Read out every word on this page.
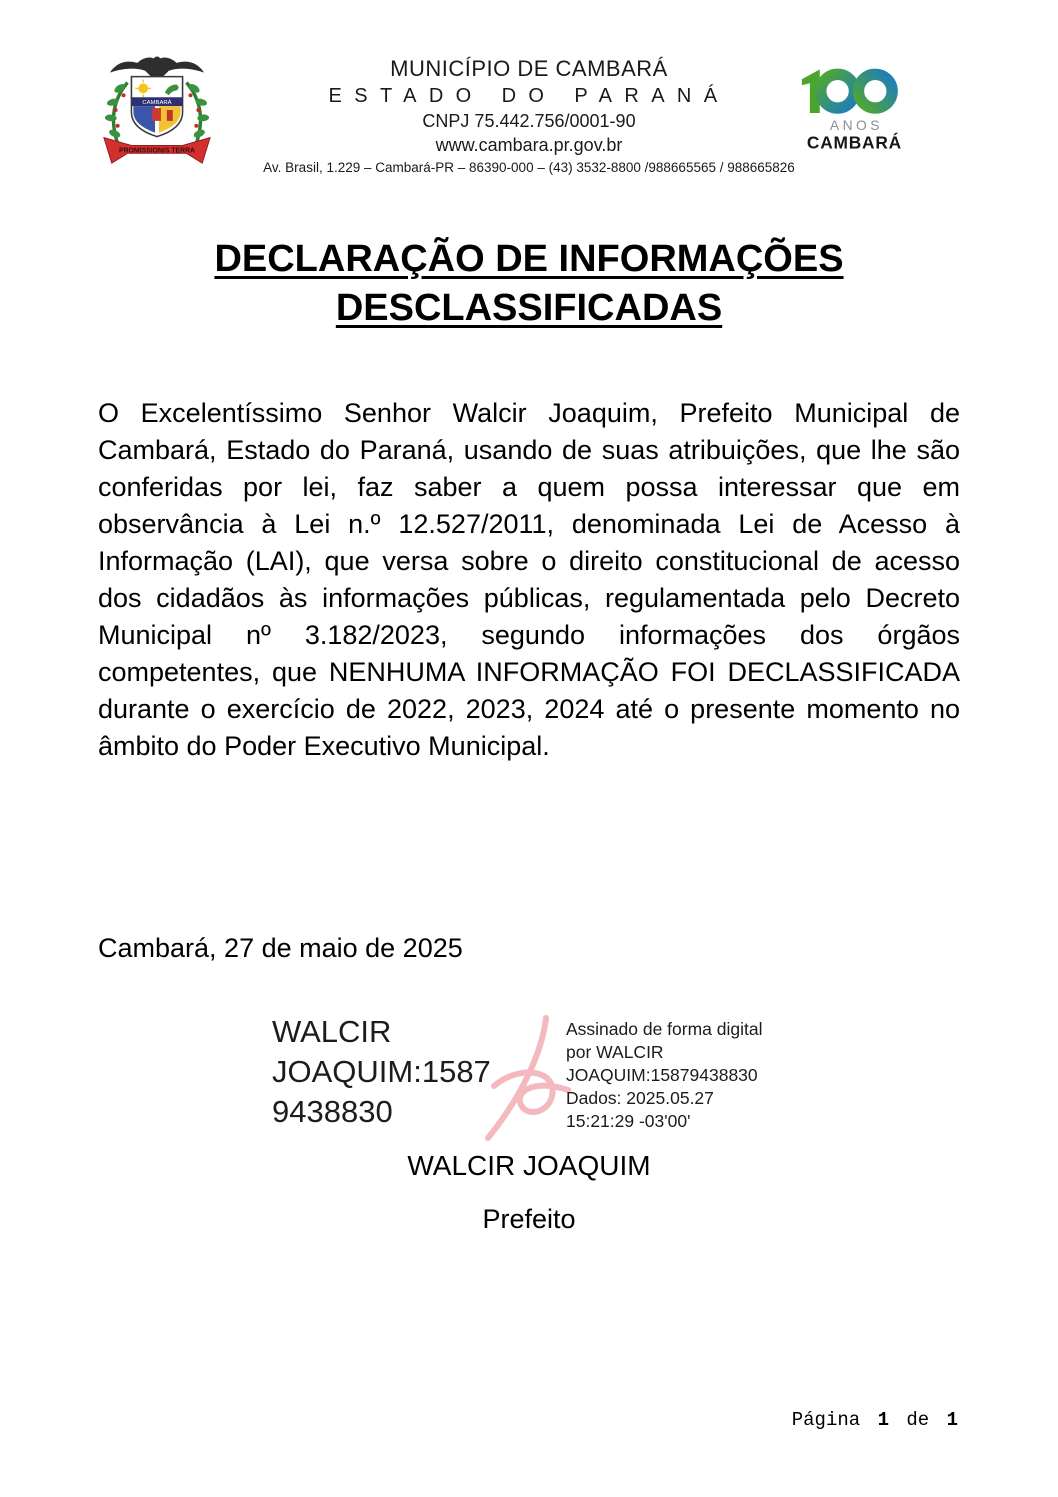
CAMBARÁ
PROMISSIONIS TERRA
MUNICÍPIO DE CAMBARÁ
ESTADO DO PARANÁ
CNPJ 75.442.756/0001-90
www.cambara.pr.gov.br
Av. Brasil, 1.229 – Cambará-PR – 86390-000 – (43) 3532-8800 /988665565 / 988665826
ANOS
CAMBARÁ
DECLARAÇÃO DE INFORMAÇÕES
DESCLASSIFICADAS

O Excelentíssimo Senhor Walcir Joaquim, Prefeito Municipal de Cambará, Estado do Paraná, usando de suas atribuições, que lhe são conferidas por lei, faz saber a quem possa interessar que em observância à Lei n.º 12.527/2011, denominada Lei de Acesso à Informação (LAI), que versa sobre o direito constitucional de acesso dos cidadãos às informações públicas, regulamentada pelo Decreto Municipal nº 3.182/2023, segundo informações dos órgãos competentes, que NENHUMA INFORMAÇÃO FOI DECLASSIFICADA durante o exercício de 2022, 2023, 2024 até o presente momento no âmbito do Poder Executivo Municipal.

Cambará, 27 de maio de 2025
WALCIR
JOAQUIM:1587
9438830
Assinado de forma digital
por WALCIR
JOAQUIM:15879438830
Dados: 2025.05.27
15:21:29 -03'00'
WALCIR JOAQUIM
Prefeito
Página 1 de 1
